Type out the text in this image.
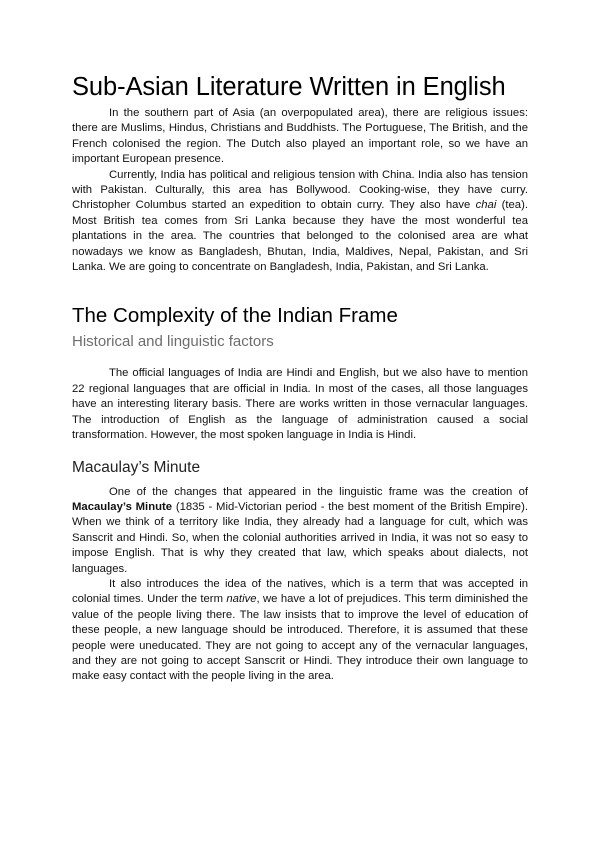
Sub-Asian Literature Written in English

In the southern part of Asia (an overpopulated area), there are religious issues: there are Muslims, Hindus, Christians and Buddhists. The Portuguese, The British, and the French colonised the region. The Dutch also played an important role, so we have an important European presence.

Currently, India has political and religious tension with China. India also has tension with Pakistan. Culturally, this area has Bollywood. Cooking-wise, they have curry. Christopher Columbus started an expedition to obtain curry. They also have chai (tea). Most British tea comes from Sri Lanka because they have the most wonderful tea plantations in the area. The countries that belonged to the colonised area are what nowadays we know as Bangladesh, Bhutan, India, Maldives, Nepal, Pakistan, and Sri Lanka. We are going to concentrate on Bangladesh, India, Pakistan, and Sri Lanka.

The Complexity of the Indian Frame
Historical and linguistic factors

The official languages of India are Hindi and English, but we also have to mention 22 regional languages that are official in India. In most of the cases, all those languages have an interesting literary basis. There are works written in those vernacular languages. The introduction of English as the language of administration caused a social transformation. However, the most spoken language in India is Hindi.

Macaulay’s Minute

One of the changes that appeared in the linguistic frame was the creation of Macaulay’s Minute (1835 - Mid-Victorian period - the best moment of the British Empire). When we think of a territory like India, they already had a language for cult, which was Sanscrit and Hindi. So, when the colonial authorities arrived in India, it was not so easy to impose English. That is why they created that law, which speaks about dialects, not languages.

It also introduces the idea of the natives, which is a term that was accepted in colonial times. Under the term native, we have a lot of prejudices. This term diminished the value of the people living there. The law insists that to improve the level of education of these people, a new language should be introduced. Therefore, it is assumed that these people were uneducated. They are not going to accept any of the vernacular languages, and they are not going to accept Sanscrit or Hindi. They introduce their own language to make easy contact with the people living in the area.
